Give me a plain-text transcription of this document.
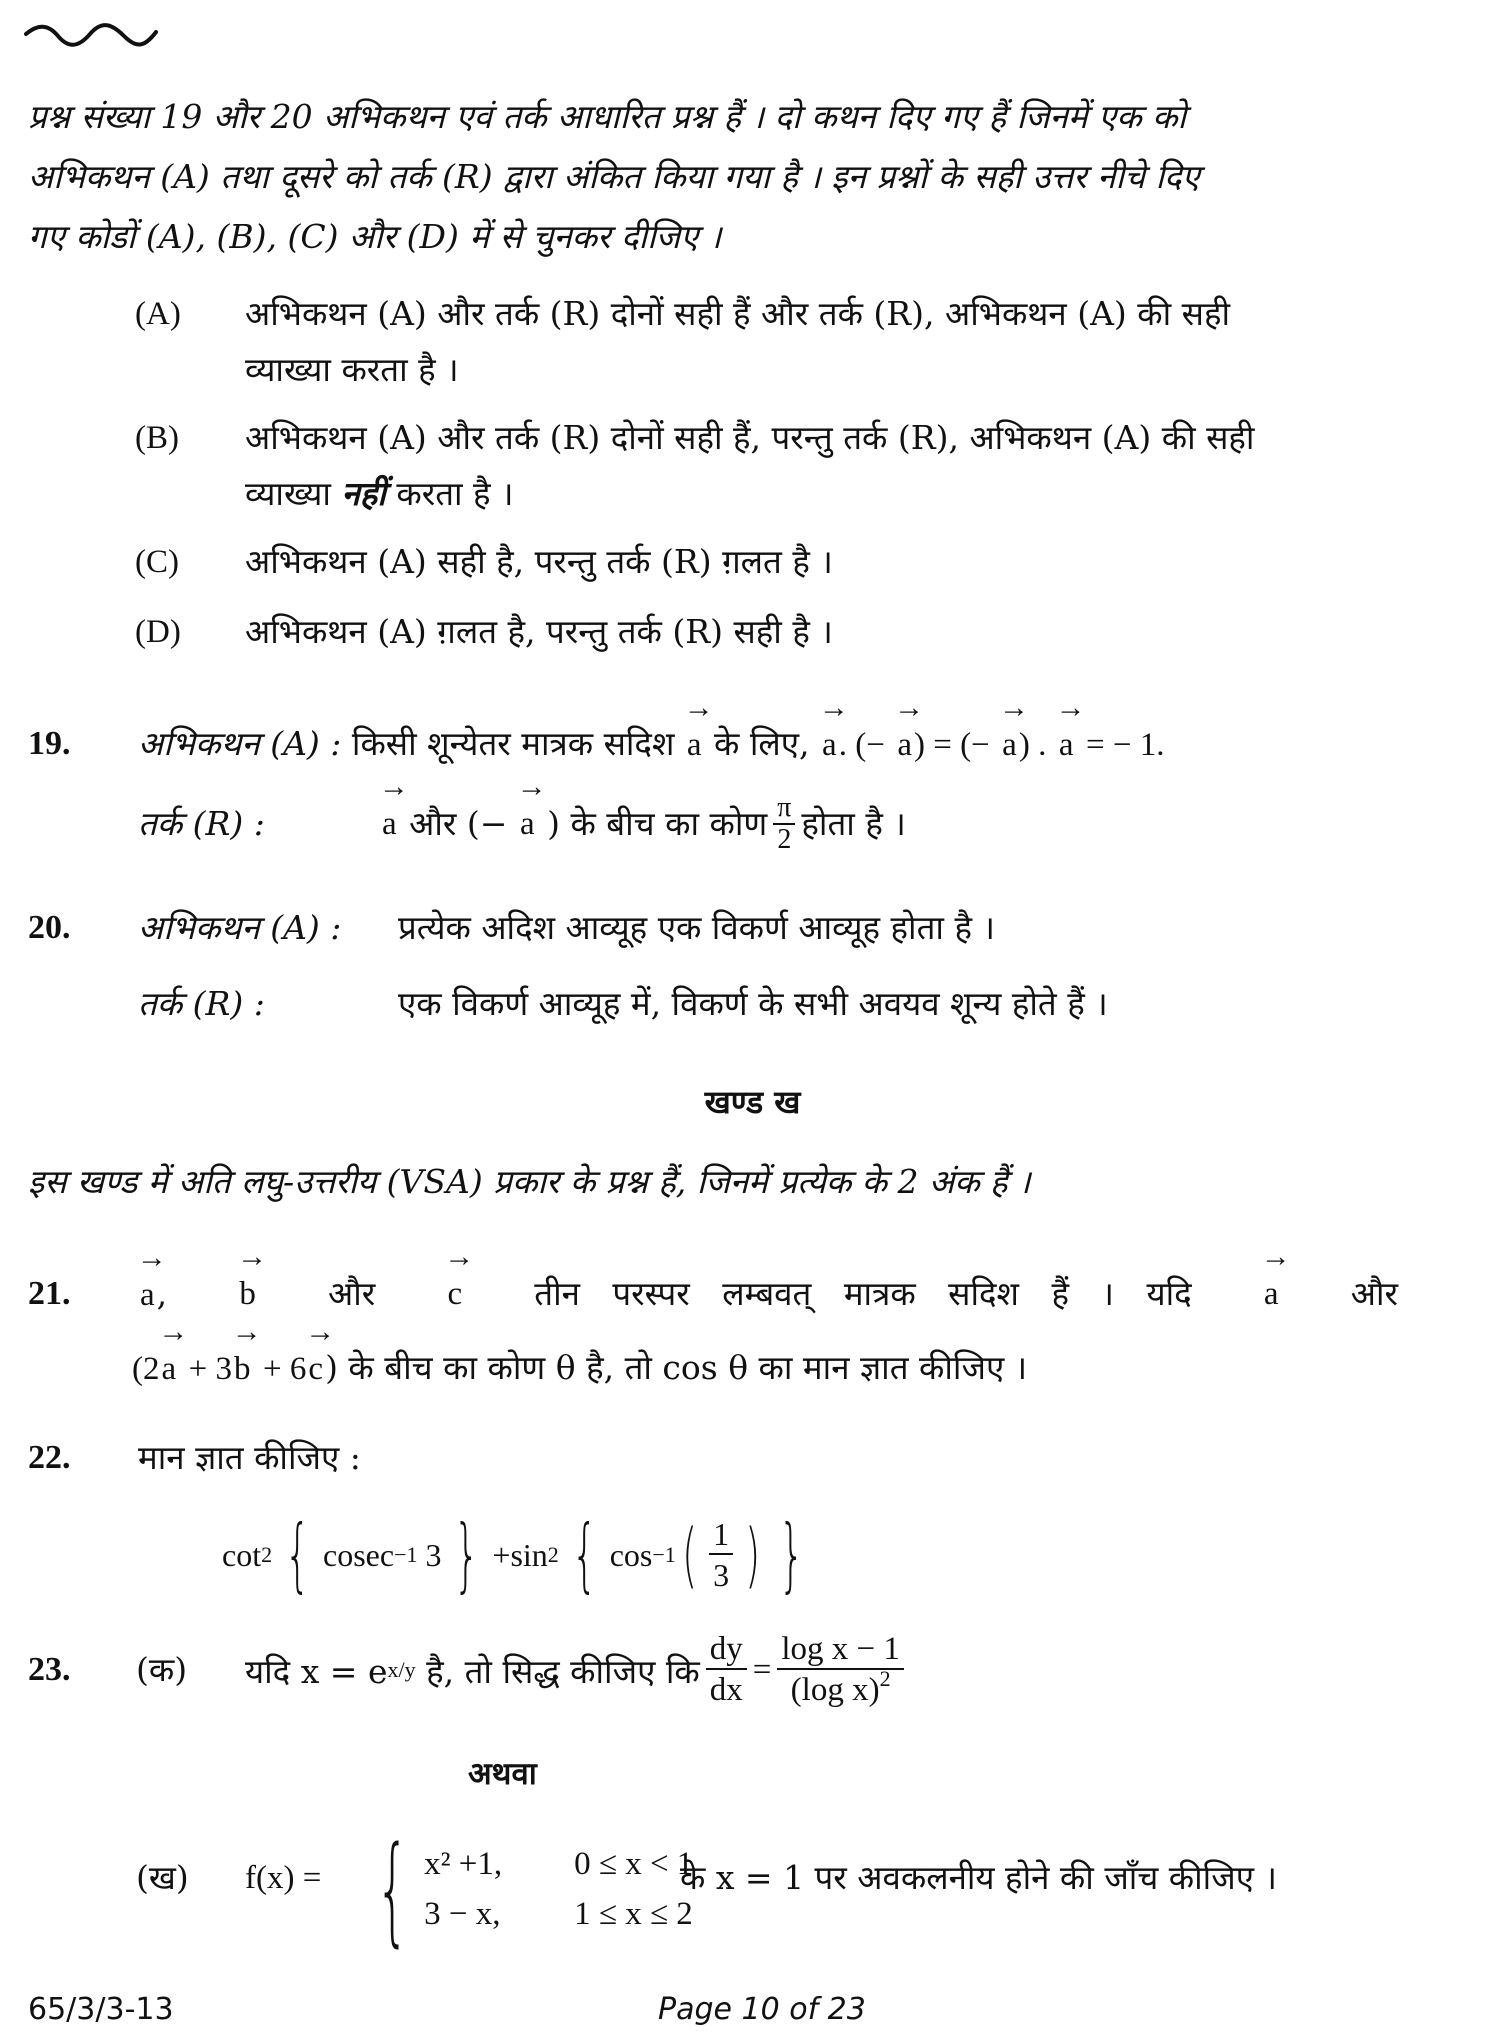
प्रश्न संख्या 19 और 20 अभिकथन एवं तर्क आधारित प्रश्न हैं । दो कथन दिए गए हैं जिनमें एक को
अभिकथन (A) तथा दूसरे को तर्क (R) द्वारा अंकित किया गया है । इन प्रश्नों के सही उत्तर नीचे दिए
गए कोडों (A), (B), (C) और (D) में से चुनकर दीजिए ।
(A) अभिकथन (A) और तर्क (R) दोनों सही हैं और तर्क (R), अभिकथन (A) की सही
व्याख्या करता है ।
(B) अभिकथन (A) और तर्क (R) दोनों सही हैं, परन्तु तर्क (R), अभिकथन (A) की सही
व्याख्या नहीं करता है ।
(C) अभिकथन (A) सही है, परन्तु तर्क (R) ग़लत है ।
(D) अभिकथन (A) ग़लत है, परन्तु तर्क (R) सही है ।
19. अभिकथन (A) : किसी शून्येतर मात्रक सदिश → a के लिए, → a. (− → a) = (− → a) . → a = − 1.
तर्क (R) :	→ a
और (−
→ a
) के बीच का कोण $\frac{\pi}{2}$ होता है ।
20. अभिकथन (A) : प्रत्येक अदिश आव्यूह एक विकर्ण आव्यूह होता है ।
तर्क (R) :	एक विकर्ण आव्यूह में, विकर्ण के सभी अवयव शून्य होते हैं ।
खण्ड ख
इस खण्ड में अति लघु-उत्तरीय (VSA) प्रकार के प्रश्न हैं, जिनमें प्रत्येक के 2 अंक हैं ।
21. → a, → b और → c तीन परस्पर लम्बवत् मात्रक सदिश हैं । यदि → a और
(2→ a + 3→ b + 6→ c) के बीच का कोण θ है, तो cos θ का मान ज्ञात कीजिए ।
22. मान ज्ञात कीजिए :
cot 2 { cosec −1
3 } + sin 2 { cos −1 ( $\frac{1}{3}$ ) }
23. (क) यदि x = e x/y
है, तो सिद्ध कीजिए कि $\frac{dy}{dx} = \frac{\text{log x − 1}}{(\log x)^2}$
अथवा
(ख) f(x) = { x² +1,	0 ≤ x < 1
3 − x,	1 ≤ x ≤ 2
के x = 1 पर अवकलनीय होने की जाँच कीजिए ।
65/3/3-13	Page 10 of 23
